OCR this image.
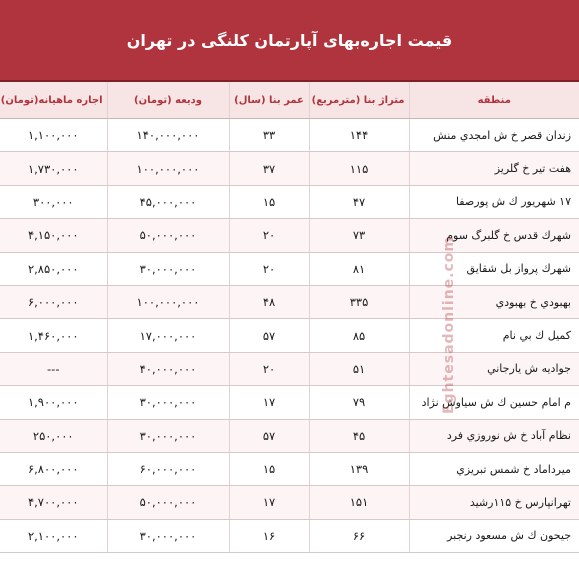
قیمت اجاره‌بهای آپارتمان کلنگی در تهران
منطقه	متراژ بنا (مترمربع)	عمر بنا (سال)	ودیعه (تومان)	اجاره ماهیانه(تومان)
زندان قصر خ ش امجدي منش	۱۴۴	۳۳	۱۴۰,۰۰۰,۰۰۰	۱,۱۰۰,۰۰۰
هفت تير خ گلريز	۱۱۵	۳۷	۱۰۰,۰۰۰,۰۰۰	۱,۷۳۰,۰۰۰
۱۷ شهريور ك ش پورصفا	۴۷	۱۵	۴۵,۰۰۰,۰۰۰	۳۰۰,۰۰۰
شهرك قدس خ گلبرگ سوم	۷۳	۲۰	۵۰,۰۰۰,۰۰۰	۴,۱۵۰,۰۰۰
شهرك پرواز بل شقايق	۸۱	۲۰	۳۰,۰۰۰,۰۰۰	۲,۸۵۰,۰۰۰
بهبودي خ بهبودي	۳۳۵	۴۸	۱۰۰,۰۰۰,۰۰۰	۶,۰۰۰,۰۰۰
كميل ك بي نام	۸۵	۵۷	۱۷,۰۰۰,۰۰۰	۱,۴۶۰,۰۰۰
جواديه ش يارجاني	۵۱	۲۰	۴۰,۰۰۰,۰۰۰	---
م امام حسين ك ش سياوش نژاد	۷۹	۱۷	۳۰,۰۰۰,۰۰۰	۱,۹۰۰,۰۰۰
نظام آباد خ ش نوروزي فرد	۴۵	۵۷	۳۰,۰۰۰,۰۰۰	۲۵۰,۰۰۰
ميرداماد خ شمس تبريزي	۱۳۹	۱۵	۶۰,۰۰۰,۰۰۰	۶,۸۰۰,۰۰۰
تهرانپارس خ ۱۱۵رشيد	۱۵۱	۱۷	۵۰,۰۰۰,۰۰۰	۴,۷۰۰,۰۰۰
جيحون ك ش مسعود رنجبر	۶۶	۱۶	۳۰,۰۰۰,۰۰۰	۲,۱۰۰,۰۰۰
Eghtesadonline.com
